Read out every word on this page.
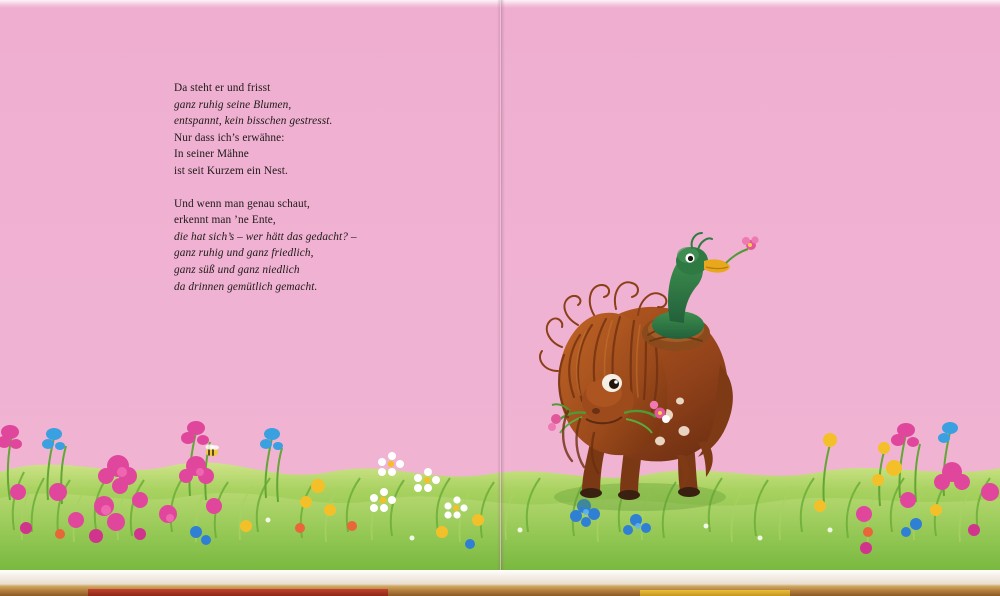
Da steht er und frisst
ganz ruhig seine Blumen,
entspannt, kein bisschen gestresst.
Nur dass ich’s erwähne:
In seiner Mähne
ist seit Kurzem ein Nest.

Und wenn man genau schaut,
erkennt man ’ne Ente,
die hat sich’s – wer hätt das gedacht? –
ganz ruhig und ganz friedlich,
ganz süß und ganz niedlich
da drinnen gemütlich gemacht.
